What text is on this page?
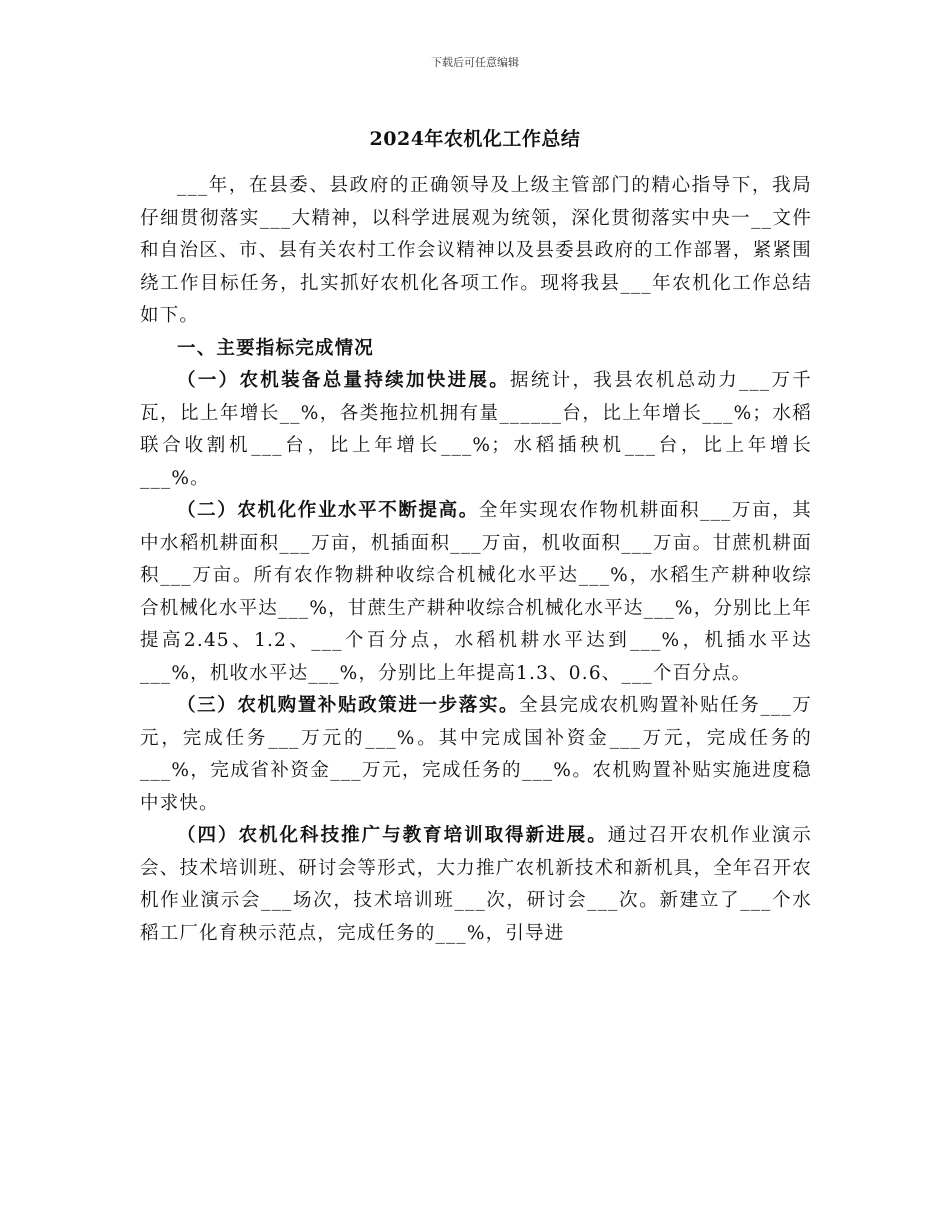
下载后可任意编辑
2024年农机化工作总结

___年，在县委、县政府的正确领导及上级主管部门的精心指导下，我局仔细贯彻落实___大精神，以科学进展观为统领，深化贯彻落实中央一__文件和自治区、市、县有关农村工作会议精神以及县委县政府的工作部署，紧紧围绕工作目标任务，扎实抓好农机化各项工作。现将我县___年农机化工作总结如下。

一、主要指标完成情况

（一）农机装备总量持续加快进展。据统计，我县农机总动力___万千瓦，比上年增长__%，各类拖拉机拥有量______台，比上年增长___%；水稻联合收割机___台，比上年增长___%；水稻插秧机___台，比上年增长___%。

（二）农机化作业水平不断提高。全年实现农作物机耕面积___万亩，其中水稻机耕面积___万亩，机插面积___万亩，机收面积___万亩。甘蔗机耕面积___万亩。所有农作物耕种收综合机械化水平达___%，水稻生产耕种收综合机械化水平达___%，甘蔗生产耕种收综合机械化水平达___%，分别比上年提高2.45、1.2、___个百分点，水稻机耕水平达到___%，机插水平达___%，机收水平达___%，分别比上年提高1.3、0.6、___个百分点。

（三）农机购置补贴政策进一步落实。全县完成农机购置补贴任务___万元，完成任务___万元的___%。其中完成国补资金___万元，完成任务的___%，完成省补资金___万元，完成任务的___%。农机购置补贴实施进度稳中求快。

（四）农机化科技推广与教育培训取得新进展。通过召开农机作业演示会、技术培训班、研讨会等形式，大力推广农机新技术和新机具，全年召开农机作业演示会___场次，技术培训班___次，研讨会___次。新建立了___个水稻工厂化育秧示范点，完成任务的___%，引导进
